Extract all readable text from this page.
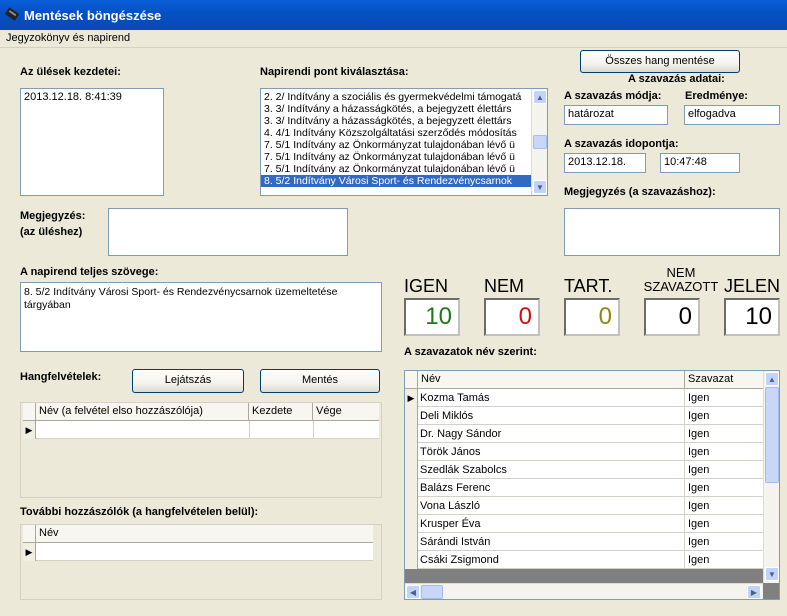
Mentések böngészése
Jegyzokönyv és napirend
Az ülések kezdetei:
2013.12.18. 8:41:39
Napirendi pont kiválasztása:
2. 2/ Indítvány a szociális és gyermekvédelmi támogatá
3. 3/ Indítvány a házasságkötés, a bejegyzett élettárs
3. 3/ Indítvány a házasságkötés, a bejegyzett élettárs
4. 4/1 Indítvány Közszolgáltatási szerződés módosítás
7. 5/1 Indítvány az Önkormányzat tulajdonában lévő ü
7. 5/1 Indítvány az Önkormányzat tulajdonában lévő ü
7. 5/1 Indítvány az Önkormányzat tulajdonában lévő ü
8. 5/2 Indítvány Városi Sport- és Rendezvénycsarnok
▲
▼
Összes hang mentése
A szavazás adatai:
A szavazás módja: Eredménye:
határozat	elfogadva
A szavazás idopontja:
2013.12.18.	10:47:48
Megjegyzés (a szavazáshoz):
Megjegyzés:
(az üléshez)
A napirend teljes szövege:
8. 5/2 Indítvány Városi Sport- és Rendezvénycsarnok üzemeltetése tárgyában
IGEN NEM TART.
NEM
SZAVAZOTT JELEN
10	0	0	0	10
A szavazatok név szerint:
Név	Szavazat
▶ Kozma Tamás	Igen
Deli Miklós	Igen
Dr. Nagy Sándor	Igen
Török János	Igen
Szedlák Szabolcs	Igen
Balázs Ferenc	Igen
Vona László	Igen
Krusper Éva	Igen
Sárándi István	Igen
Csáki Zsigmond	Igen
▲
▼
◀	▶
Hangfelvételek:	Lejátszás	Mentés
Név (a felvétel elso hozzászólója)	Kezdete	Vége
▶
További hozzászólók (a hangfelvételen belül):
Név
▶
